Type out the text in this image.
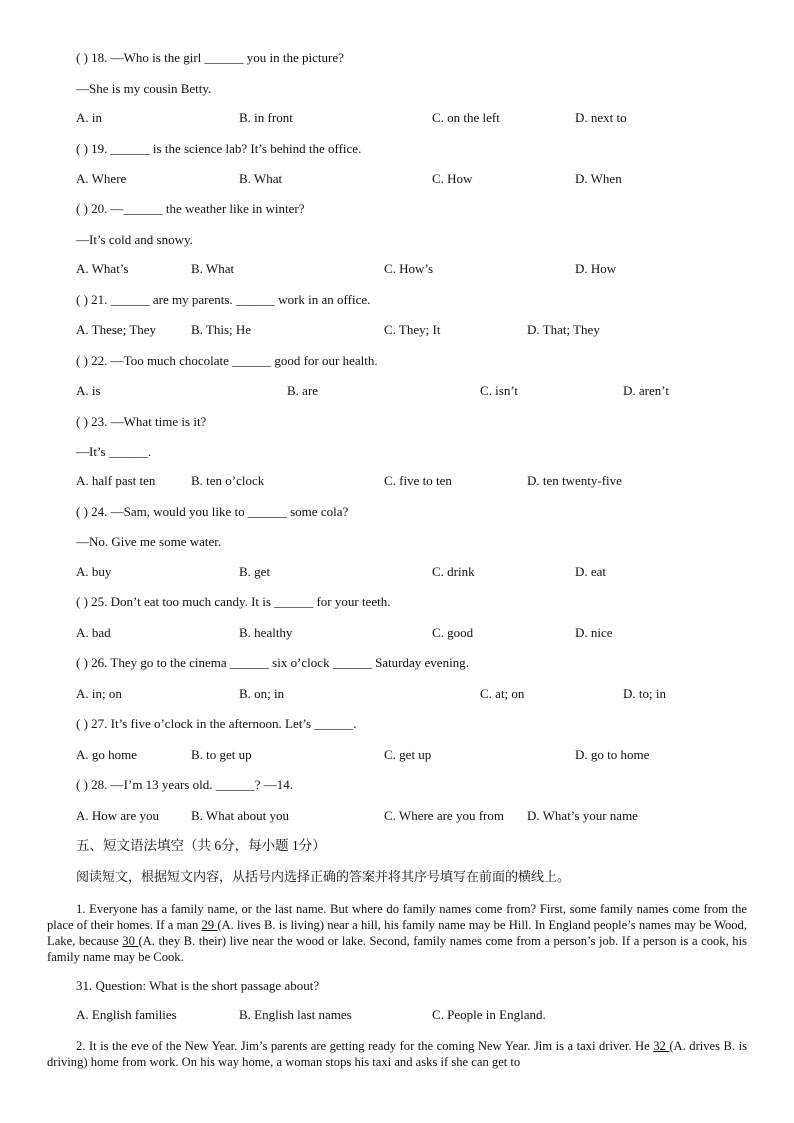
( ) 18. —Who is the girl ______ you in the picture?
—She is my cousin Betty.
A. in	B. in front	C. on the left	D. next to
( ) 19. ______ is the science lab? It’s behind the office.
A. Where	B. What	C. How	D. When
( ) 20. —______ the weather like in winter?
—It’s cold and snowy.
A. What’s	B. What	C. How’s	D. How
( ) 21. ______ are my parents. ______ work in an office.
A. These; They	B. This; He	C. They; It	D. That; They
( ) 22. —Too much chocolate ______ good for our health.
A. is	B. are	C. isn’t	D. aren’t
( ) 23. —What time is it?
—It’s ______.
A. half past ten	B. ten o’clock	C. five to ten	D. ten twenty-five
( ) 24. —Sam, would you like to ______ some cola?
—No. Give me some water.
A. buy	B. get	C. drink	D. eat
( ) 25. Don’t eat too much candy. It is ______ for your teeth.
A. bad	B. healthy	C. good	D. nice
( ) 26. They go to the cinema ______ six o’clock ______ Saturday evening.
A. in; on	B. on; in	C. at; on	D. to; in
( ) 27. It’s five o’clock in the afternoon. Let’s ______.
A. go home	B. to get up	C. get up	D. go to home
( ) 28. —I’m 13 years old. ______? —14.
A. How are you B. What about you	C. Where are you from D. What’s your name
五、短文语法填空（共 6分，每小题 1分）
阅读短文，根据短文内容，从括号内选择正确的答案并将其序号填写在前面的横线上。
1. Everyone has a family name, or the last name. But where do family names come from? First, some family names come from the place of their homes. If a man 29 (A. lives B. is living) near a hill, his family name may be Hill. In England people’s names may be Wood, Lake, because 30 (A. they B. their) live near the wood or lake. Second, family names come from a person’s job. If a person is a cook, his family name may be Cook.
31. Question: What is the short passage about?
A. English families	B. English last names	C. People in England.
2. It is the eve of the New Year. Jim’s parents are getting ready for the coming New Year. Jim is a taxi driver. He 32 (A. drives B. is driving) home from work. On his way home, a woman stops his taxi and asks if she can get to
